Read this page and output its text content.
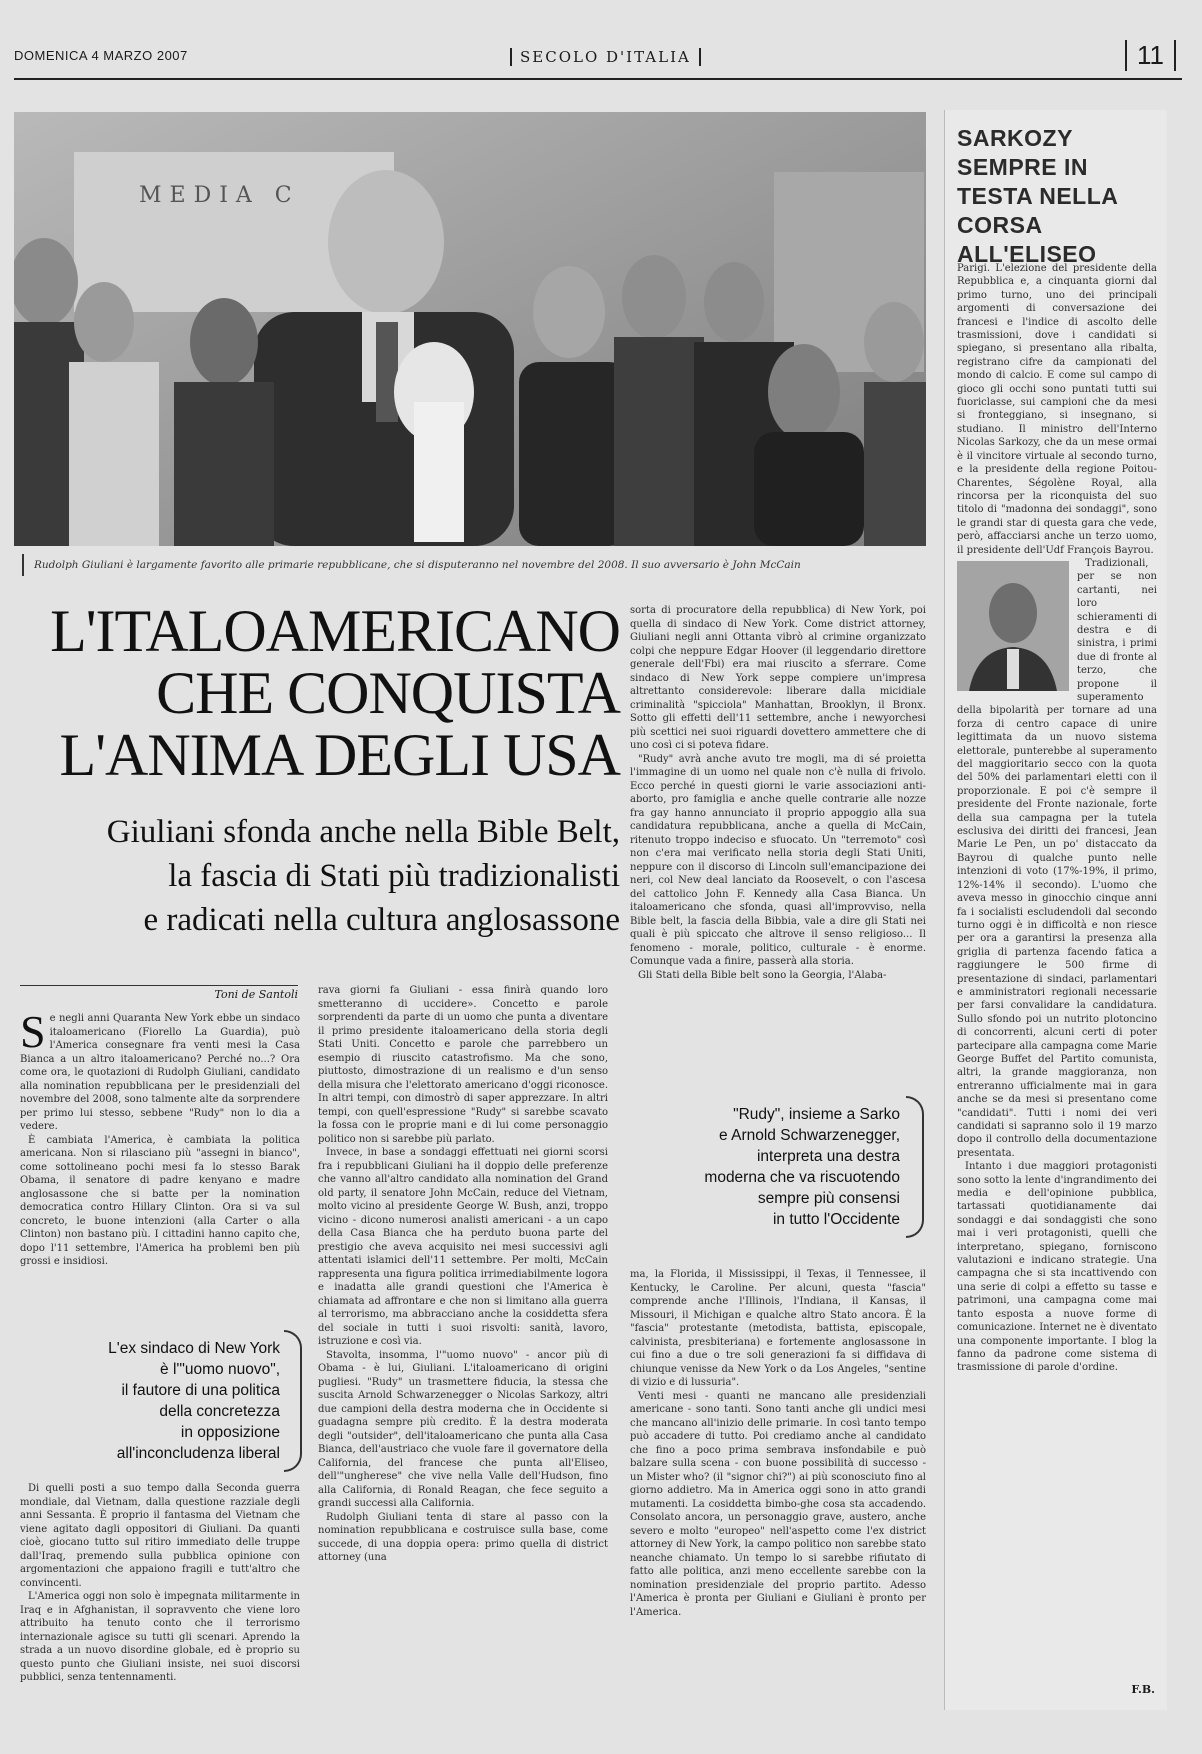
DOMENICA 4 MARZO 2007	SECOLO D'ITALIA	11
MEDIA C
Rudolph Giuliani è largamente favorito alle primarie repubblicane, che si disputeranno nel novembre del 2008. Il suo avversario è John McCain
L'ITALOAMERICANO
CHE CONQUISTA
L'ANIMA DEGLI USA
Giuliani sfonda anche nella Bible Belt,
la fascia di Stati più tradizionalisti
e radicati nella cultura anglosassone
Toni de Santoli
S e negli anni Quaranta New York ebbe un sindaco italoamericano (Fiorello La Guardia), può l'America consegnare fra venti mesi la Casa Bianca a un altro italoamericano? Perché no...? Ora come ora, le quotazioni di Rudolph Giuliani, candidato alla nomination repubblicana per le presidenziali del novembre del 2008, sono talmente alte da sorprendere per primo lui stesso, sebbene "Rudy" non lo dia a vedere.

È cambiata l'America, è cambiata la politica americana. Non si rilasciano più "assegni in bianco", come sottolineano pochi mesi fa lo stesso Barak Obama, il senatore di padre kenyano e madre anglosassone che si batte per la nomination democratica contro Hillary Clinton. Ora si va sul concreto, le buone intenzioni (alla Carter o alla Clinton) non bastano più. I cittadini hanno capito che, dopo l'11 settembre, l'America ha problemi ben più grossi e insidiosi.

L'ex sindaco di New York
è l'"uomo nuovo",
il fautore di una politica
della concretezza
in opposizione
all'inconcludenza liberal

Di quelli posti a suo tempo dalla Seconda guerra mondiale, dal Vietnam, dalla questione razziale degli anni Sessanta. È proprio il fantasma del Vietnam che viene agitato dagli oppositori di Giuliani. Da quanti cioè, giocano tutto sul ritiro immediato delle truppe dall'Iraq, premendo sulla pubblica opinione con argomentazioni che appaiono fragili e tutt'altro che convincenti.

L'America oggi non solo è impegnata militarmente in Iraq e in Afghanistan, il sopravvento che viene loro attribuito ha tenuto conto che il terrorismo internazionale agisce su tutti gli scenari. Aprendo la strada a un nuovo disordine globale, ed è proprio su questo punto che Giuliani insiste, nei suoi discorsi pubblici, senza tentennamenti.

rava giorni fa Giuliani - essa finirà quando loro smetteranno di uccidere». Concetto e parole sorprendenti da parte di un uomo che punta a diventare il primo presidente italoamericano della storia degli Stati Uniti. Concetto e parole che parrebbero un esempio di riuscito catastrofismo. Ma che sono, piuttosto, dimostrazione di un realismo e d'un senso della misura che l'elettorato americano d'oggi riconosce. In altri tempi, con dimostrò di saper apprezzare. In altri tempi, con quell'espressione "Rudy" si sarebbe scavato la fossa con le proprie mani e di lui come personaggio politico non si sarebbe più parlato.

Invece, in base a sondaggi effettuati nei giorni scorsi fra i repubblicani Giuliani ha il doppio delle preferenze che vanno all'altro candidato alla nomination del Grand old party, il senatore John McCain, reduce del Vietnam, molto vicino al presidente George W. Bush, anzi, troppo vicino - dicono numerosi analisti americani - a un capo della Casa Bianca che ha perduto buona parte del prestigio che aveva acquisito nei mesi successivi agli attentati islamici dell'11 settembre. Per molti, McCain rappresenta una figura politica irrimediabilmente logora e inadatta alle grandi questioni che l'America è chiamata ad affrontare e che non si limitano alla guerra al terrorismo, ma abbracciano anche la cosiddetta sfera del sociale in tutti i suoi risvolti: sanità, lavoro, istruzione e così via.

Stavolta, insomma, l'"uomo nuovo" - ancor più di Obama - è lui, Giuliani. L'italoamericano di origini pugliesi. "Rudy" un trasmettere fiducia, la stessa che suscita Arnold Schwarzenegger o Nicolas Sarkozy, altri due campioni della destra moderna che in Occidente si guadagna sempre più credito. È la destra moderata degli "outsider", dell'italoamericano che punta alla Casa Bianca, dell'austriaco che vuole fare il governatore della California, del francese che punta all'Eliseo, dell'"ungherese" che vive nella Valle dell'Hudson, fino alla California, di Ronald Reagan, che fece seguito a grandi successi alla California.

Rudolph Giuliani tenta di stare al passo con la nomination repubblicana e costruisce sulla base, come succede, di una doppia opera: primo quella di district attorney (una

sorta di procuratore della repubblica) di New York, poi quella di sindaco di New York. Come district attorney, Giuliani negli anni Ottanta vibrò al crimine organizzato colpi che neppure Edgar Hoover (il leggendario direttore generale dell'Fbi) era mai riuscito a sferrare. Come sindaco di New York seppe compiere un'impresa altrettanto considerevole: liberare dalla micidiale criminalità "spicciola" Manhattan, Brooklyn, il Bronx. Sotto gli effetti dell'11 settembre, anche i newyorchesi più scettici nei suoi riguardi dovettero ammettere che di uno così ci si poteva fidare.

"Rudy" avrà anche avuto tre mogli, ma di sé proietta l'immagine di un uomo nel quale non c'è nulla di frivolo. Ecco perché in questi giorni le varie associazioni anti-aborto, pro famiglia e anche quelle contrarie alle nozze fra gay hanno annunciato il proprio appoggio alla sua candidatura repubblicana, anche a quella di McCain, ritenuto troppo indeciso e sfuocato. Un "terremoto" così non c'era mai verificato nella storia degli Stati Uniti, neppure con il discorso di Lincoln sull'emancipazione dei neri, col New deal lanciato da Roosevelt, o con l'ascesa del cattolico John F. Kennedy alla Casa Bianca. Un italoamericano che sfonda, quasi all'improvviso, nella Bible belt, la fascia della Bibbia, vale a dire gli Stati nei quali è più spiccato che altrove il senso religioso... Il fenomeno - morale, politico, culturale - è enorme. Comunque vada a finire, passerà alla storia.

Gli Stati della Bible belt sono la Georgia, l'Alaba-

"Rudy", insieme a Sarko
e Arnold Schwarzenegger,
interpreta una destra
moderna che va riscuotendo
sempre più consensi
in tutto l'Occidente

ma, la Florida, il Mississippi, il Texas, il Tennessee, il Kentucky, le Caroline. Per alcuni, questa "fascia" comprende anche l'Illinois, l'Indiana, il Kansas, il Missouri, il Michigan e qualche altro Stato ancora. È la "fascia" protestante (metodista, battista, episcopale, calvinista, presbiteriana) e fortemente anglosassone in cui fino a due o tre soli generazioni fa si diffidava di chiunque venisse da New York o da Los Angeles, "sentine di vizio e di lussuria".

Venti mesi - quanti ne mancano alle presidenziali americane - sono tanti. Sono tanti anche gli undici mesi che mancano all'inizio delle primarie. In così tanto tempo può accadere di tutto. Poi crediamo anche al candidato che fino a poco prima sembrava insfondabile e può balzare sulla scena - con buone possibilità di successo - un Mister who? (il "signor chi?") ai più sconosciuto fino al giorno addietro. Ma in America oggi sono in atto grandi mutamenti. La cosiddetta bimbo-ghe cosa sta accadendo. Consolato ancora, un personaggio grave, austero, anche severo e molto "europeo" nell'aspetto come l'ex district attorney di New York, la campo politico non sarebbe stato neanche chiamato. Un tempo lo si sarebbe rifiutato di fatto alle politica, anzi meno eccellente sarebbe con la nomination presidenziale del proprio partito. Adesso l'America è pronta per Giuliani e Giuliani è pronto per l'America.

SARKOZY SEMPRE IN TESTA NELLA CORSA ALL'ELISEO

Parigi. L'elezione del presidente della Repubblica e, a cinquanta giorni dal primo turno, uno dei principali argomenti di conversazione dei francesi e l'indice di ascolto delle trasmissioni, dove i candidati si spiegano, si presentano alla ribalta, registrano cifre da campionati del mondo di calcio. E come sul campo di gioco gli occhi sono puntati tutti sui fuoriclasse, sui campioni che da mesi si fronteggiano, si insegnano, si studiano. Il ministro dell'Interno Nicolas Sarkozy, che da un mese ormai è il vincitore virtuale al secondo turno, e la presidente della regione Poitou-Charentes, Ségolène Royal, alla rincorsa per la riconquista del suo titolo di "madonna dei sondaggi", sono le grandi star di questa gara che vede, però, affacciarsi anche un terzo uomo, il presidente dell'Udf François Bayrou.

Tradizionali, per se non cartanti, nei loro schieramenti di destra e di sinistra, i primi due di fronte al terzo, che propone il superamento della bipolarità per tornare ad una forza di centro capace di unire legittimata da un nuovo sistema elettorale, punterebbe al superamento del maggioritario secco con la quota del 50% dei parlamentari eletti con il proporzionale. E poi c'è sempre il presidente del Fronte nazionale, forte della sua campagna per la tutela esclusiva dei diritti dei francesi, Jean Marie Le Pen, un po' distaccato da Bayrou di qualche punto nelle intenzioni di voto (17%-19%, il primo, 12%-14% il secondo). L'uomo che aveva messo in ginocchio cinque anni fa i socialisti escludendoli dal secondo turno oggi è in difficoltà e non riesce per ora a garantirsi la presenza alla griglia di partenza facendo fatica a raggiungere le 500 firme di presentazione di sindaci, parlamentari e amministratori regionali necessarie per farsi convalidare la candidatura. Sullo sfondo poi un nutrito plotoncino di concorrenti, alcuni certi di poter partecipare alla campagna come Marie George Buffet del Partito comunista, altri, la grande maggioranza, non entreranno ufficialmente mai in gara anche se da mesi si presentano come "candidati". Tutti i nomi dei veri candidati si sapranno solo il 19 marzo dopo il controllo della documentazione presentata.

Intanto i due maggiori protagonisti sono sotto la lente d'ingrandimento dei media e dell'opinione pubblica, tartassati quotidianamente dai sondaggi e dai sondaggisti che sono mai i veri protagonisti, quelli che interpretano, spiegano, forniscono valutazioni e indicano strategie. Una campagna che si sta incattivendo con una serie di colpi a effetto su tasse e patrimoni, una campagna come mai tanto esposta a nuove forme di comunicazione. Internet ne è diventato una componente importante. I blog la fanno da padrone come sistema di trasmissione di parole d'ordine.

F.B.
